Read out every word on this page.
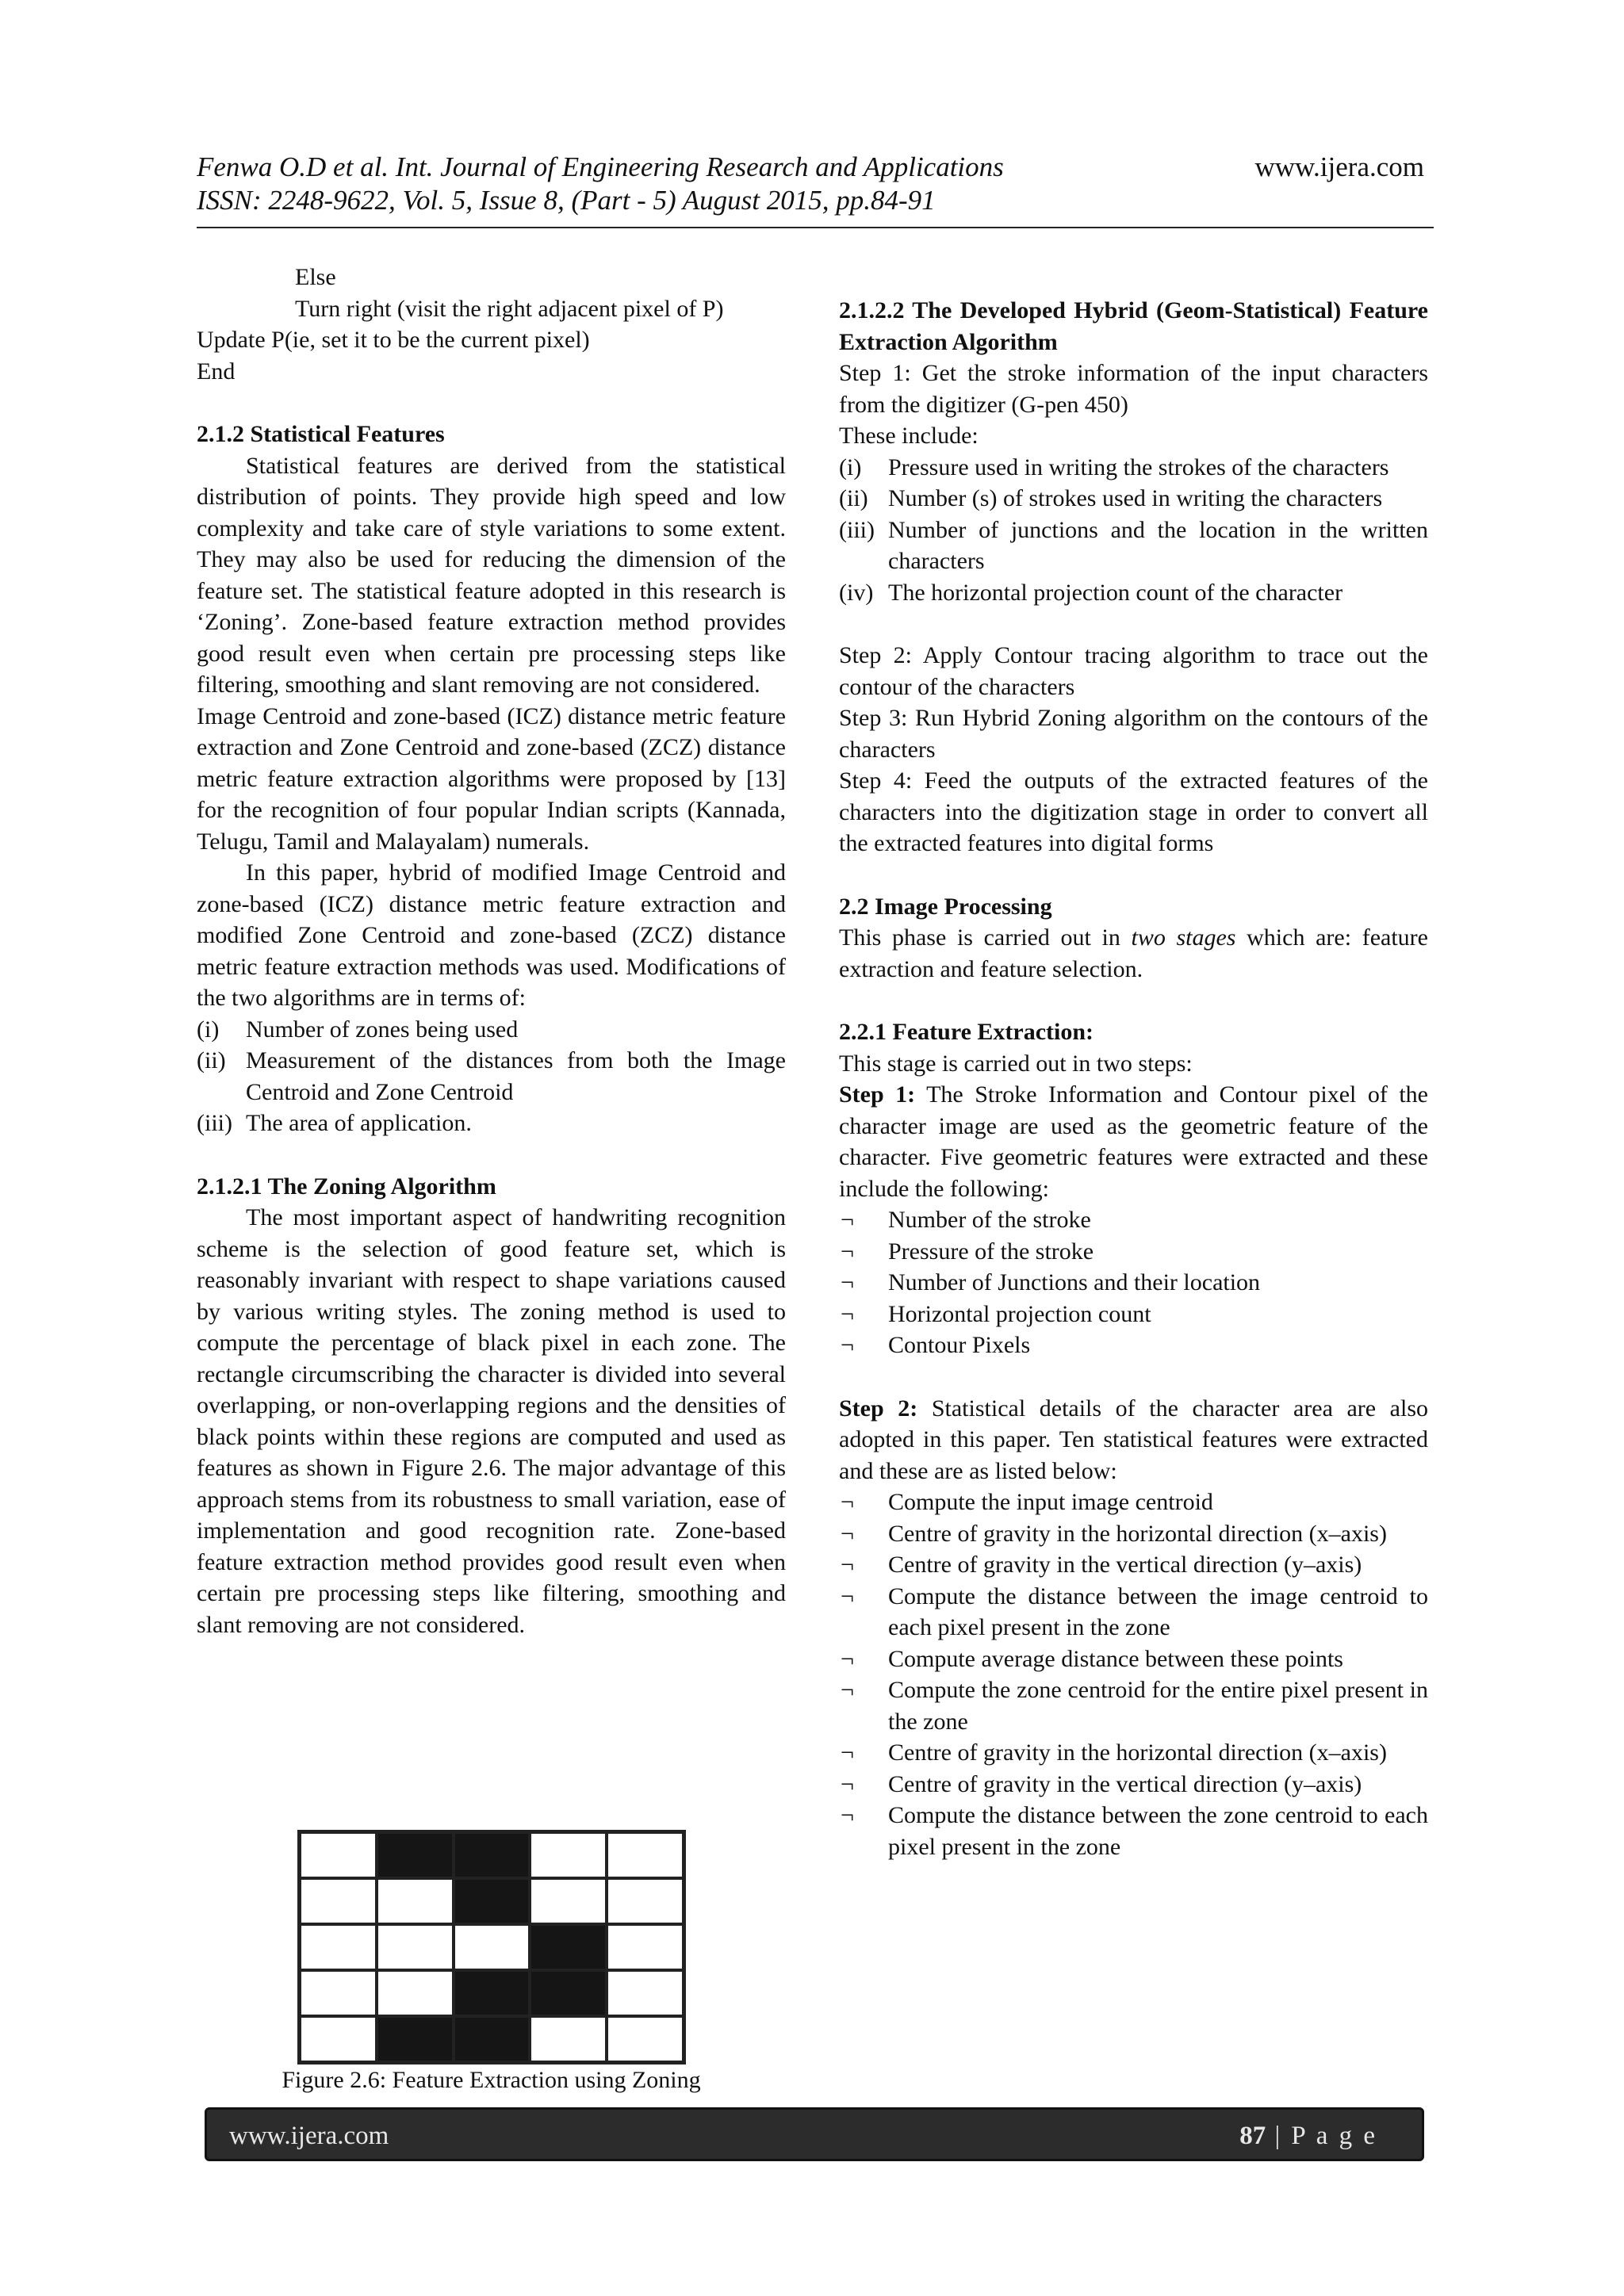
Fenwa O.D et al. Int. Journal of Engineering Research and Applications	www.ijera.com
ISSN: 2248-9622, Vol. 5, Issue 8, (Part - 5) August 2015, pp.84-91

Else

Turn right (visit the right adjacent pixel of P)

Update P(ie, set it to be the current pixel)

End

2.1.2 Statistical Features

Statistical features are derived from the statistical distribution of points. They provide high speed and low complexity and take care of style variations to some extent. They may also be used for reducing the dimension of the feature set. The statistical feature adopted in this research is ‘Zoning’. Zone-based feature extraction method provides good result even when certain pre processing steps like filtering, smoothing and slant removing are not considered.

Image Centroid and zone-based (ICZ) distance metric feature extraction and Zone Centroid and zone-based (ZCZ) distance metric feature extraction algorithms were proposed by [13] for the recognition of four popular Indian scripts (Kannada, Telugu, Tamil and Malayalam) numerals.

In this paper, hybrid of modified Image Centroid and zone-based (ICZ) distance metric feature extraction and modified Zone Centroid and zone-based (ZCZ) distance metric feature extraction methods was used. Modifications of the two algorithms are in terms of:

(i) Number of zones being used
(ii) Measurement of the distances from both the Image Centroid and Zone Centroid
(iii) The area of application.

2.1.2.1 The Zoning Algorithm

The most important aspect of handwriting recognition scheme is the selection of good feature set, which is reasonably invariant with respect to shape variations caused by various writing styles. The zoning method is used to compute the percentage of black pixel in each zone. The rectangle circumscribing the character is divided into several overlapping, or non-overlapping regions and the densities of black points within these regions are computed and used as features as shown in Figure 2.6. The major advantage of this approach stems from its robustness to small variation, ease of implementation and good recognition rate. Zone-based feature extraction method provides good result even when certain pre processing steps like filtering, smoothing and slant removing are not considered.

Figure 2.6: Feature Extraction using Zoning

2.1.2.2 The Developed Hybrid (Geom-Statistical) Feature Extraction Algorithm

Step 1: Get the stroke information of the input characters from the digitizer (G-pen 450)

These include:

(i) Pressure used in writing the strokes of the characters
(ii) Number (s) of strokes used in writing the characters
(iii) Number of junctions and the location in the written characters
(iv) The horizontal projection count of the character

Step 2: Apply Contour tracing algorithm to trace out the contour of the characters

Step 3: Run Hybrid Zoning algorithm on the contours of the characters

Step 4: Feed the outputs of the extracted features of the characters into the digitization stage in order to convert all the extracted features into digital forms

2.2 Image Processing

This phase is carried out in two stages which are: feature extraction and feature selection.

2.2.1 Feature Extraction:

This stage is carried out in two steps:

Step 1: The Stroke Information and Contour pixel of the character image are used as the geometric feature of the character. Five geometric features were extracted and these include the following:

¬ Number of the stroke
¬ Pressure of the stroke
¬ Number of Junctions and their location
¬ Horizontal projection count
¬ Contour Pixels

Step 2: Statistical details of the character area are also adopted in this paper. Ten statistical features were extracted and these are as listed below:

¬ Compute the input image centroid
¬ Centre of gravity in the horizontal direction (x–axis)
¬ Centre of gravity in the vertical direction (y–axis)
¬ Compute the distance between the image centroid to each pixel present in the zone
¬ Compute average distance between these points
¬ Compute the zone centroid for the entire pixel present in the zone
¬ Centre of gravity in the horizontal direction (x–axis)
¬ Centre of gravity in the vertical direction (y–axis)
¬ Compute the distance between the zone centroid to each pixel present in the zone
www.ijera.com	87 | P a g e
